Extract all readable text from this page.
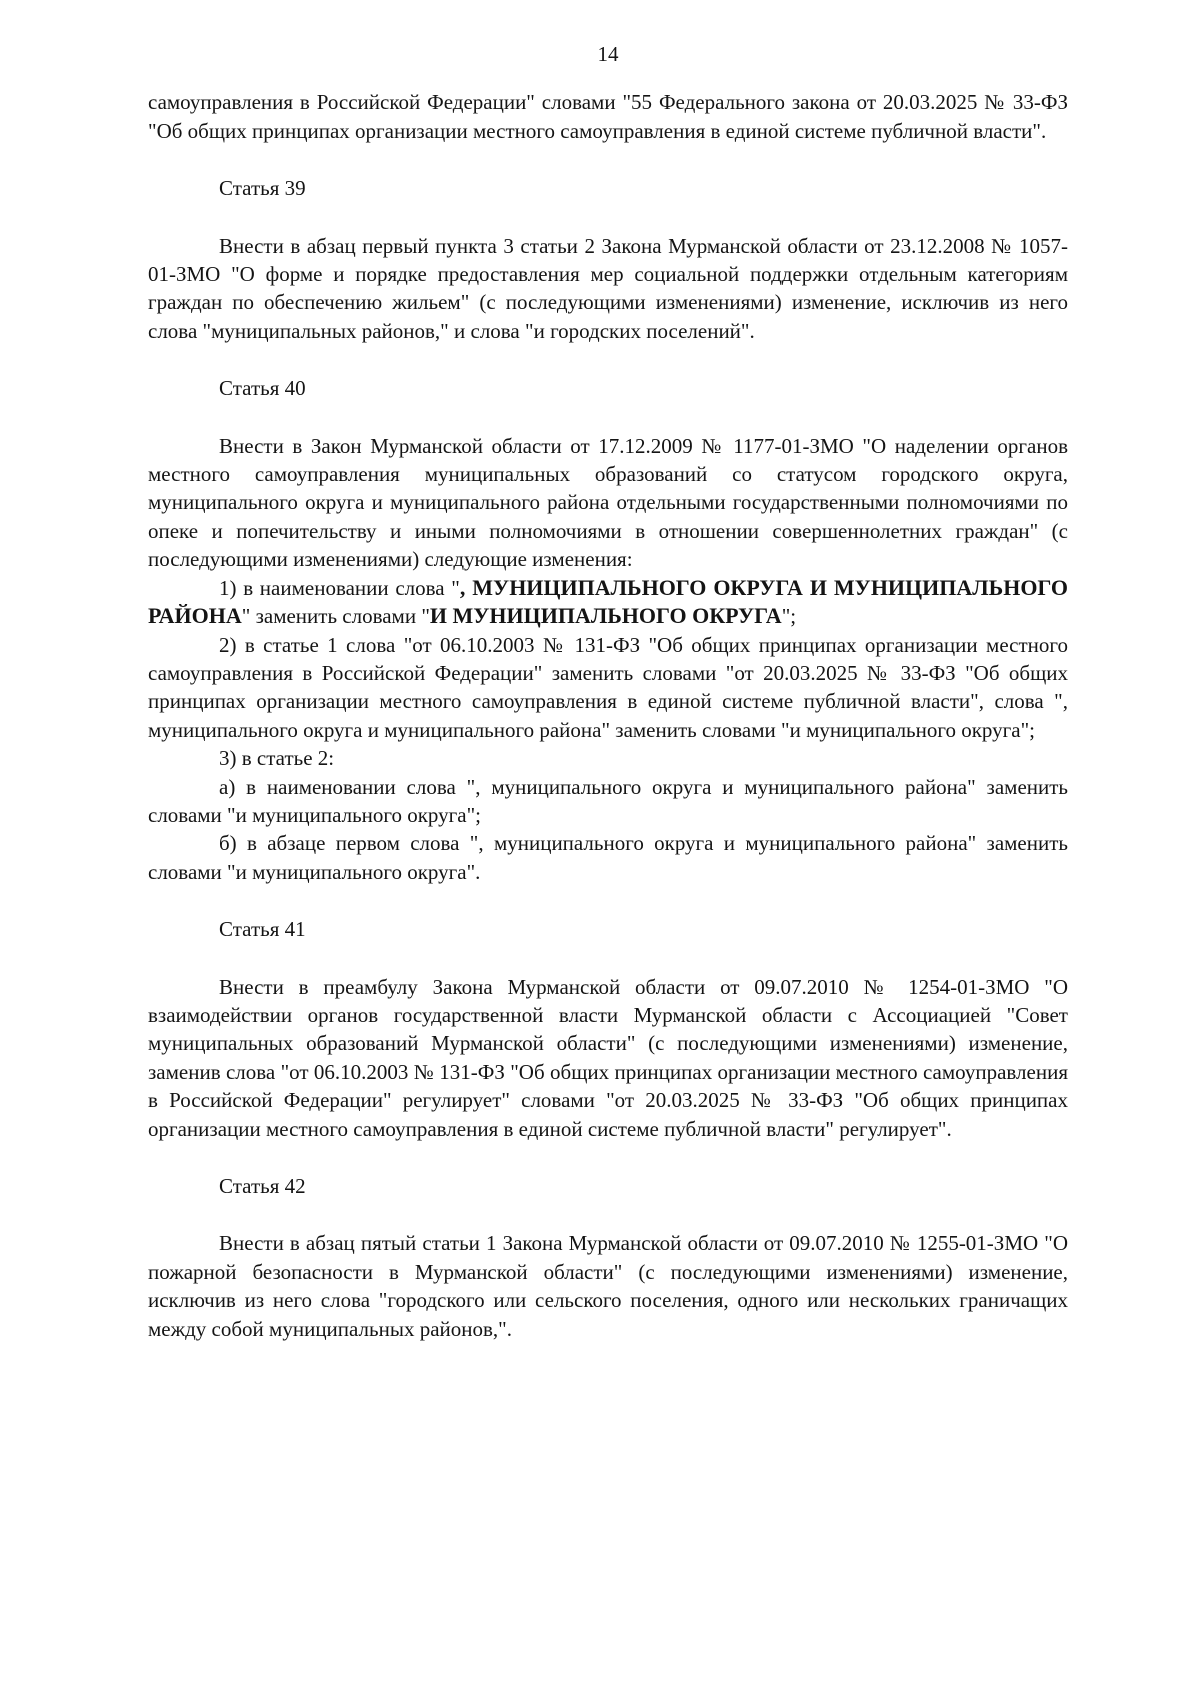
14

самоуправления в Российской Федерации" словами "55 Федерального закона от 20.03.2025 № 33-ФЗ "Об общих принципах организации местного самоуправления в единой системе публичной власти".

Статья 39

Внести в абзац первый пункта 3 статьи 2 Закона Мурманской области от 23.12.2008 № 1057-01-ЗМО "О форме и порядке предоставления мер социальной поддержки отдельным категориям граждан по обеспечению жильем" (с последующими изменениями) изменение, исключив из него слова "муниципальных районов," и слова "и городских поселений".

Статья 40

Внести в Закон Мурманской области от 17.12.2009 № 1177-01-ЗМО "О наделении органов местного самоуправления муниципальных образований со статусом городского округа, муниципального округа и муниципального района отдельными государственными полномочиями по опеке и попечительству и иными полномочиями в отношении совершеннолетних граждан" (с последующими изменениями) следующие изменения:

1) в наименовании слова ", МУНИЦИПАЛЬНОГО ОКРУГА И МУНИЦИПАЛЬНОГО РАЙОНА" заменить словами "И МУНИЦИПАЛЬНОГО ОКРУГА";

2) в статье 1 слова "от 06.10.2003 № 131-ФЗ "Об общих принципах организации местного самоуправления в Российской Федерации" заменить словами "от 20.03.2025 № 33-ФЗ "Об общих принципах организации местного самоуправления в единой системе публичной власти", слова ", муниципального округа и муниципального района" заменить словами "и муниципального округа";

3) в статье 2:

а) в наименовании слова ", муниципального округа и муниципального района" заменить словами "и муниципального округа";

б) в абзаце первом слова ", муниципального округа и муниципального района" заменить словами "и муниципального округа".

Статья 41

Внести в преамбулу Закона Мурманской области от 09.07.2010 № 1254-01-ЗМО "О взаимодействии органов государственной власти Мурманской области с Ассоциацией "Совет муниципальных образований Мурманской области" (с последующими изменениями) изменение, заменив слова "от 06.10.2003 № 131-ФЗ "Об общих принципах организации местного самоуправления в Российской Федерации" регулирует" словами "от 20.03.2025 № 33-ФЗ "Об общих принципах организации местного самоуправления в единой системе публичной власти" регулирует".

Статья 42

Внести в абзац пятый статьи 1 Закона Мурманской области от 09.07.2010 № 1255-01-ЗМО "О пожарной безопасности в Мурманской области" (с последующими изменениями) изменение, исключив из него слова "городского или сельского поселения, одного или нескольких граничащих между собой муниципальных районов,".
